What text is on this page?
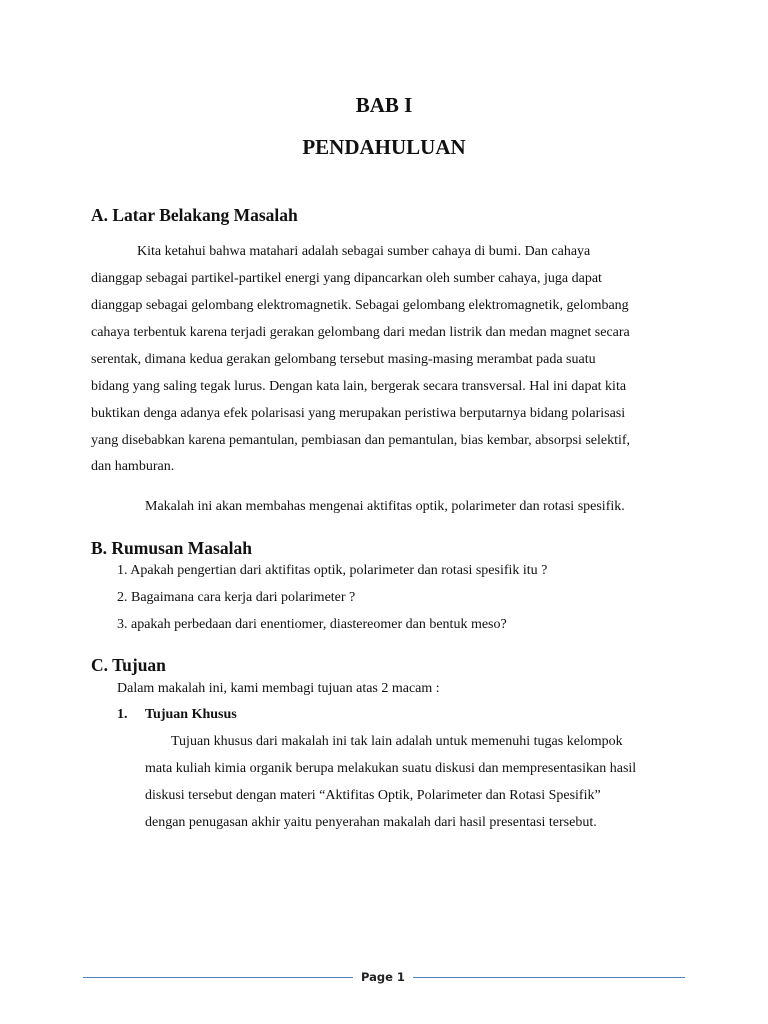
BAB I
PENDAHULUAN
A. Latar Belakang Masalah
Kita ketahui bahwa matahari adalah sebagai sumber cahaya di bumi. Dan cahaya
dianggap sebagai partikel-partikel energi yang dipancarkan oleh sumber cahaya, juga dapat
dianggap sebagai gelombang elektromagnetik. Sebagai gelombang elektromagnetik, gelombang
cahaya terbentuk karena terjadi gerakan gelombang dari medan listrik dan medan magnet secara
serentak, dimana kedua gerakan gelombang tersebut masing-masing merambat pada suatu
bidang yang saling tegak lurus. Dengan kata lain, bergerak secara transversal. Hal ini dapat kita
buktikan denga adanya efek polarisasi yang merupakan peristiwa berputarnya bidang polarisasi
yang disebabkan karena pemantulan, pembiasan dan pemantulan, bias kembar, absorpsi selektif,
dan hamburan.
Makalah ini akan membahas mengenai aktifitas optik, polarimeter dan rotasi spesifik.
B. Rumusan Masalah
1. Apakah pengertian dari aktifitas optik, polarimeter dan rotasi spesifik itu ?
2. Bagaimana cara kerja dari polarimeter ?
3. apakah perbedaan dari enentiomer, diastereomer dan bentuk meso?
C. Tujuan
Dalam makalah ini, kami membagi tujuan atas 2 macam :
1. Tujuan Khusus
Tujuan khusus dari makalah ini tak lain adalah untuk memenuhi tugas kelompok
mata kuliah kimia organik berupa melakukan suatu diskusi dan mempresentasikan hasil
diskusi tersebut dengan materi “Aktifitas Optik, Polarimeter dan Rotasi Spesifik”
dengan penugasan akhir yaitu penyerahan makalah dari hasil presentasi tersebut.
Page 1
